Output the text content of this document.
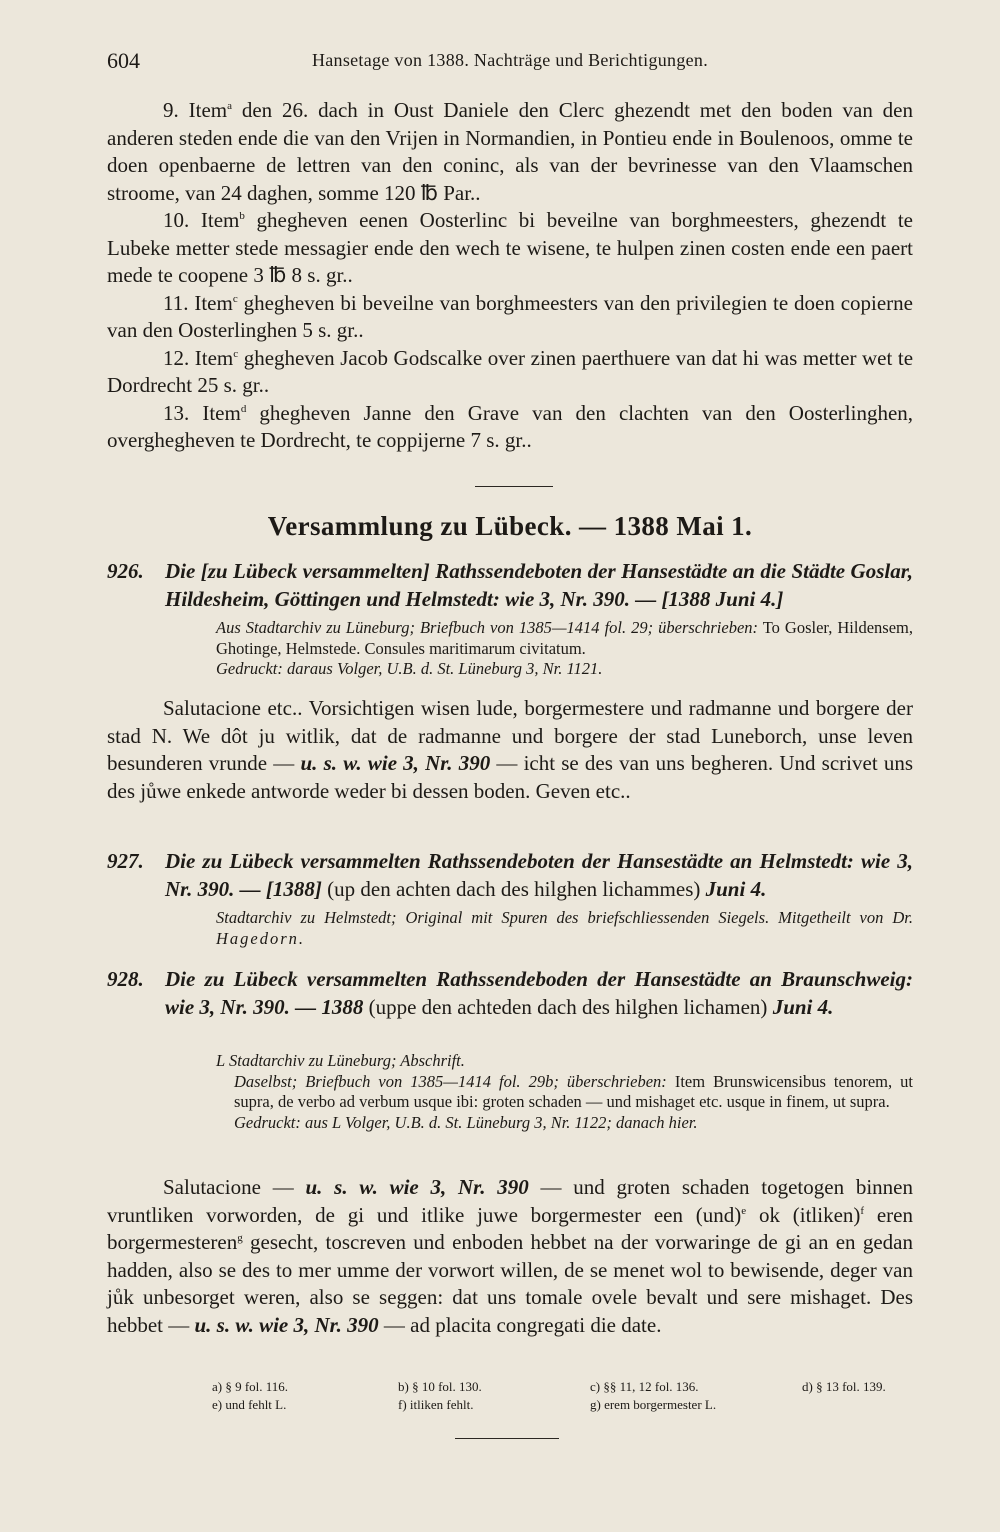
604	Hansetage von 1388. Nachträge und Berichtigungen.

9. Item$^a$ den 26. dach in Oust Daniele den Clerc ghezendt met den boden van den anderen steden ende die van den Vrijen in Normandien, in Pontieu ende in Boulenoos, omme te doen openbaerne de lettren van den coninc, als van der bevrinesse van den Vlaamschen stroome, van 24 daghen, somme 120 ℔ Par..

10. Item$^b$ ghegheven eenen Oosterlinc bi beveilne van borghmeesters, ghezendt te Lubeke metter stede messagier ende den wech te wisene, te hulpen zinen costen ende een paert mede te coopene 3 ℔ 8 s. gr..

11. Item$^c$ ghegheven bi beveilne van borghmeesters van den privilegien te doen copierne van den Oosterlinghen 5 s. gr..

12. Item$^c$ ghegheven Jacob Godscalke over zinen paerthuere van dat hi was metter wet te Dordrecht 25 s. gr..

13. Item$^d$ ghegheven Janne den Grave van den clachten van den Oosterlinghen, overghegheven te Dordrecht, te coppijerne 7 s. gr..

Versammlung zu Lübeck. — 1388 Mai 1.
926. Die [zu Lübeck versammelten] Rathssendeboten der Hansestädte an die Städte Goslar, Hildesheim, Göttingen und Helmstedt: wie 3, Nr. 390. — [1388 Juni 4.]
Aus Stadtarchiv zu Lüneburg; Briefbuch von 1385—1414 fol. 29; überschrieben: To Gosler, Hildensem, Ghotinge, Helmstede. Consules maritimarum civitatum.
Gedruckt: daraus Volger, U.B. d. St. Lüneburg 3, Nr. 1121.

Salutacione etc.. Vorsichtigen wisen lude, borgermestere und radmanne und borgere der stad N. We dôt ju witlik, dat de radmanne und borgere der stad Luneborch, unse leven besunderen vrunde — u. s. w. wie 3, Nr. 390 — icht se des van uns begheren. Und scrivet uns des jůwe enkede antworde weder bi dessen boden. Geven etc..

927. Die zu Lübeck versammelten Rathssendeboten der Hansestädte an Helmstedt: wie 3, Nr. 390. — [1388] (up den achten dach des hilghen lichammes) Juni 4.
Stadtarchiv zu Helmstedt; Original mit Spuren des briefschliessenden Siegels. Mitgetheilt von Dr. Hagedorn.
928. Die zu Lübeck versammelten Rathssendeboden der Hansestädte an Braunschweig: wie 3, Nr. 390. — 1388 (uppe den achteden dach des hilghen lichamen) Juni 4.
L Stadtarchiv zu Lüneburg; Abschrift.
Daselbst; Briefbuch von 1385—1414 fol. 29b; überschrieben: Item Brunswicensibus tenorem, ut supra, de verbo ad verbum usque ibi: groten schaden — und mishaget etc. usque in finem, ut supra.
Gedruckt: aus L Volger, U.B. d. St. Lüneburg 3, Nr. 1122; danach hier.

Salutacione — u. s. w. wie 3, Nr. 390 — und groten schaden togetogen binnen vruntliken vorworden, de gi und itlike juwe borgermester een (und)$^e$ ok (itliken)$^f$ eren borgermesteren$^g$ gesecht, toscreven und enboden hebbet na der vorwaringe de gi an en gedan hadden, also se des to mer umme der vorwort willen, de se menet wol to bewisende, deger van jůk unbesorget weren, also se seggen: dat uns tomale ovele bevalt und sere mishaget. Des hebbet — u. s. w. wie 3, Nr. 390 — ad placita congregati die date.

a) § 9 fol. 116.	b) § 10 fol. 130.	c) §§ 11, 12 fol. 136.	d) § 13 fol. 139.
e) und fehlt L.	f) itliken fehlt.	g) erem borgermester L.
